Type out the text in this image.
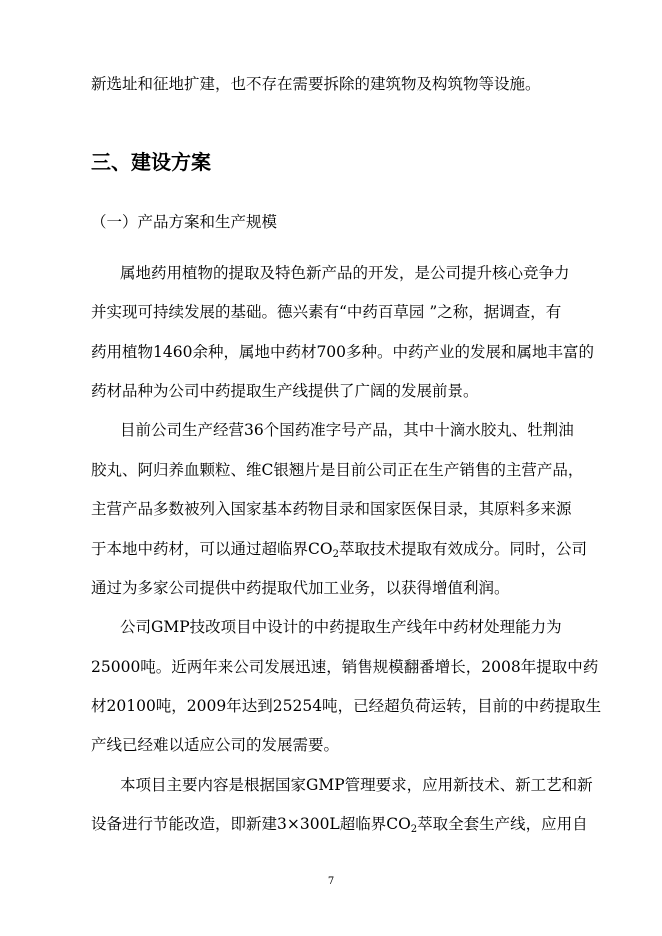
新选址和征地扩建，也不存在需要拆除的建筑物及构筑物等设施。
三、建设方案
（一）产品方案和生产规模
属地药用植物的提取及特色新产品的开发，是公司提升核心竞争力
并实现可持续发展的基础。德兴素有“中药百草园 ”之称，据调查，有
药用植物1460余种，属地中药材700多种。中药产业的发展和属地丰富的
药材品种为公司中药提取生产线提供了广阔的发展前景。
目前公司生产经营36个国药准字号产品，其中十滴水胶丸、牡荆油
胶丸、阿归养血颗粒、维C银翘片是目前公司正在生产销售的主营产品，
主营产品多数被列入国家基本药物目录和国家医保目录，其原料多来源
于本地中药材，可以通过超临界CO2萃取技术提取有效成分。同时，公司
通过为多家公司提供中药提取代加工业务，以获得增值利润。
公司GMP技改项目中设计的中药提取生产线年中药材处理能力为
25000吨。近两年来公司发展迅速，销售规模翻番增长，2008年提取中药
材20100吨，2009年达到25254吨，已经超负荷运转，目前的中药提取生
产线已经难以适应公司的发展需要。
本项目主要内容是根据国家GMP管理要求，应用新技术、新工艺和新
设备进行节能改造，即新建3×300L超临界CO2萃取全套生产线，应用自
7
